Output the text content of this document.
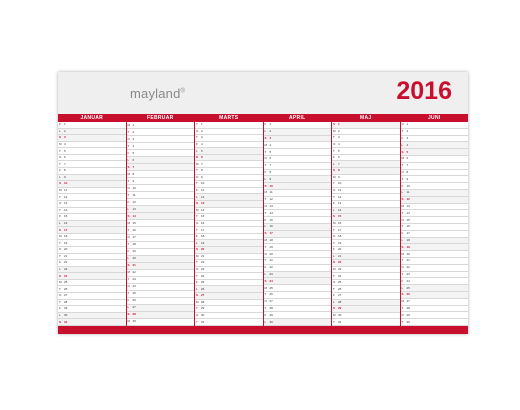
mayland®	2016
JANUAR
F	1
L	2
S 3
M 4
T	5
O 6
T	7
F	8
L	9
S 10
M 11
T	12
O 13
T	14
F	15
L	16
S 17
M 18
T	19
O 20
T	21
F	22
L	23
S 24
M 25
T	26
O 27
T	28
F	29
L	30
S 31
FEBRUAR
M 1
T	2
O 3
T	4
F	5
L	6
S 7
M 8
T	9
O 10
T	11
F	12
L	13
S 14
M 15
T	16
O 17
T	18
F	19
L	20
S 21
M 22
T	23
O 24
T	25
F	26
L	27
S 28
M 29
MARTS
T	1
O 2
T	3
F	4
L	5
S 6
M 7
T	8
O 9
T	10
F	11
L	12
S 13
M 14
T	15
O 16
T	17
F	18
L	19
S 20
M 21
T	22
O 23
T	24
F	25
L	26
S 27
M 28
T	29
O 30
T	31
APRIL
F	1
L	2
S 3
M 4
T	5
O 6
T	7
F	8
L	9
S 10
M 11
T	12
O 13
T	14
F	15
L	16
S 17
M 18
T	19
O 20
T	21
F	22
L	23
S 24
M 25
T	26
O 27
T	28
F	29
L	30
MAJ
S 1
M 2
T	3
O 4
T	5
F	6
L	7
S 8
M 9
T	10
O 11
T	12
F	13
L	14
S 15
M 16
T	17
O 18
T	19
F	20
L	21
S 22
M 23
T	24
O 25
T	26
F	27
L	28
S 29
M 30
T	31
JUNI
O 1
T	2
F	3
L	4
S 5
M 6
T	7
O 8
T	9
F	10
L	11
S 12
M 13
T	14
O 15
T	16
F	17
L	18
S 19
M 20
T	21
O 22
T	23
F	24
L	25
S 26
M 27
T	28
O 29
T	30
